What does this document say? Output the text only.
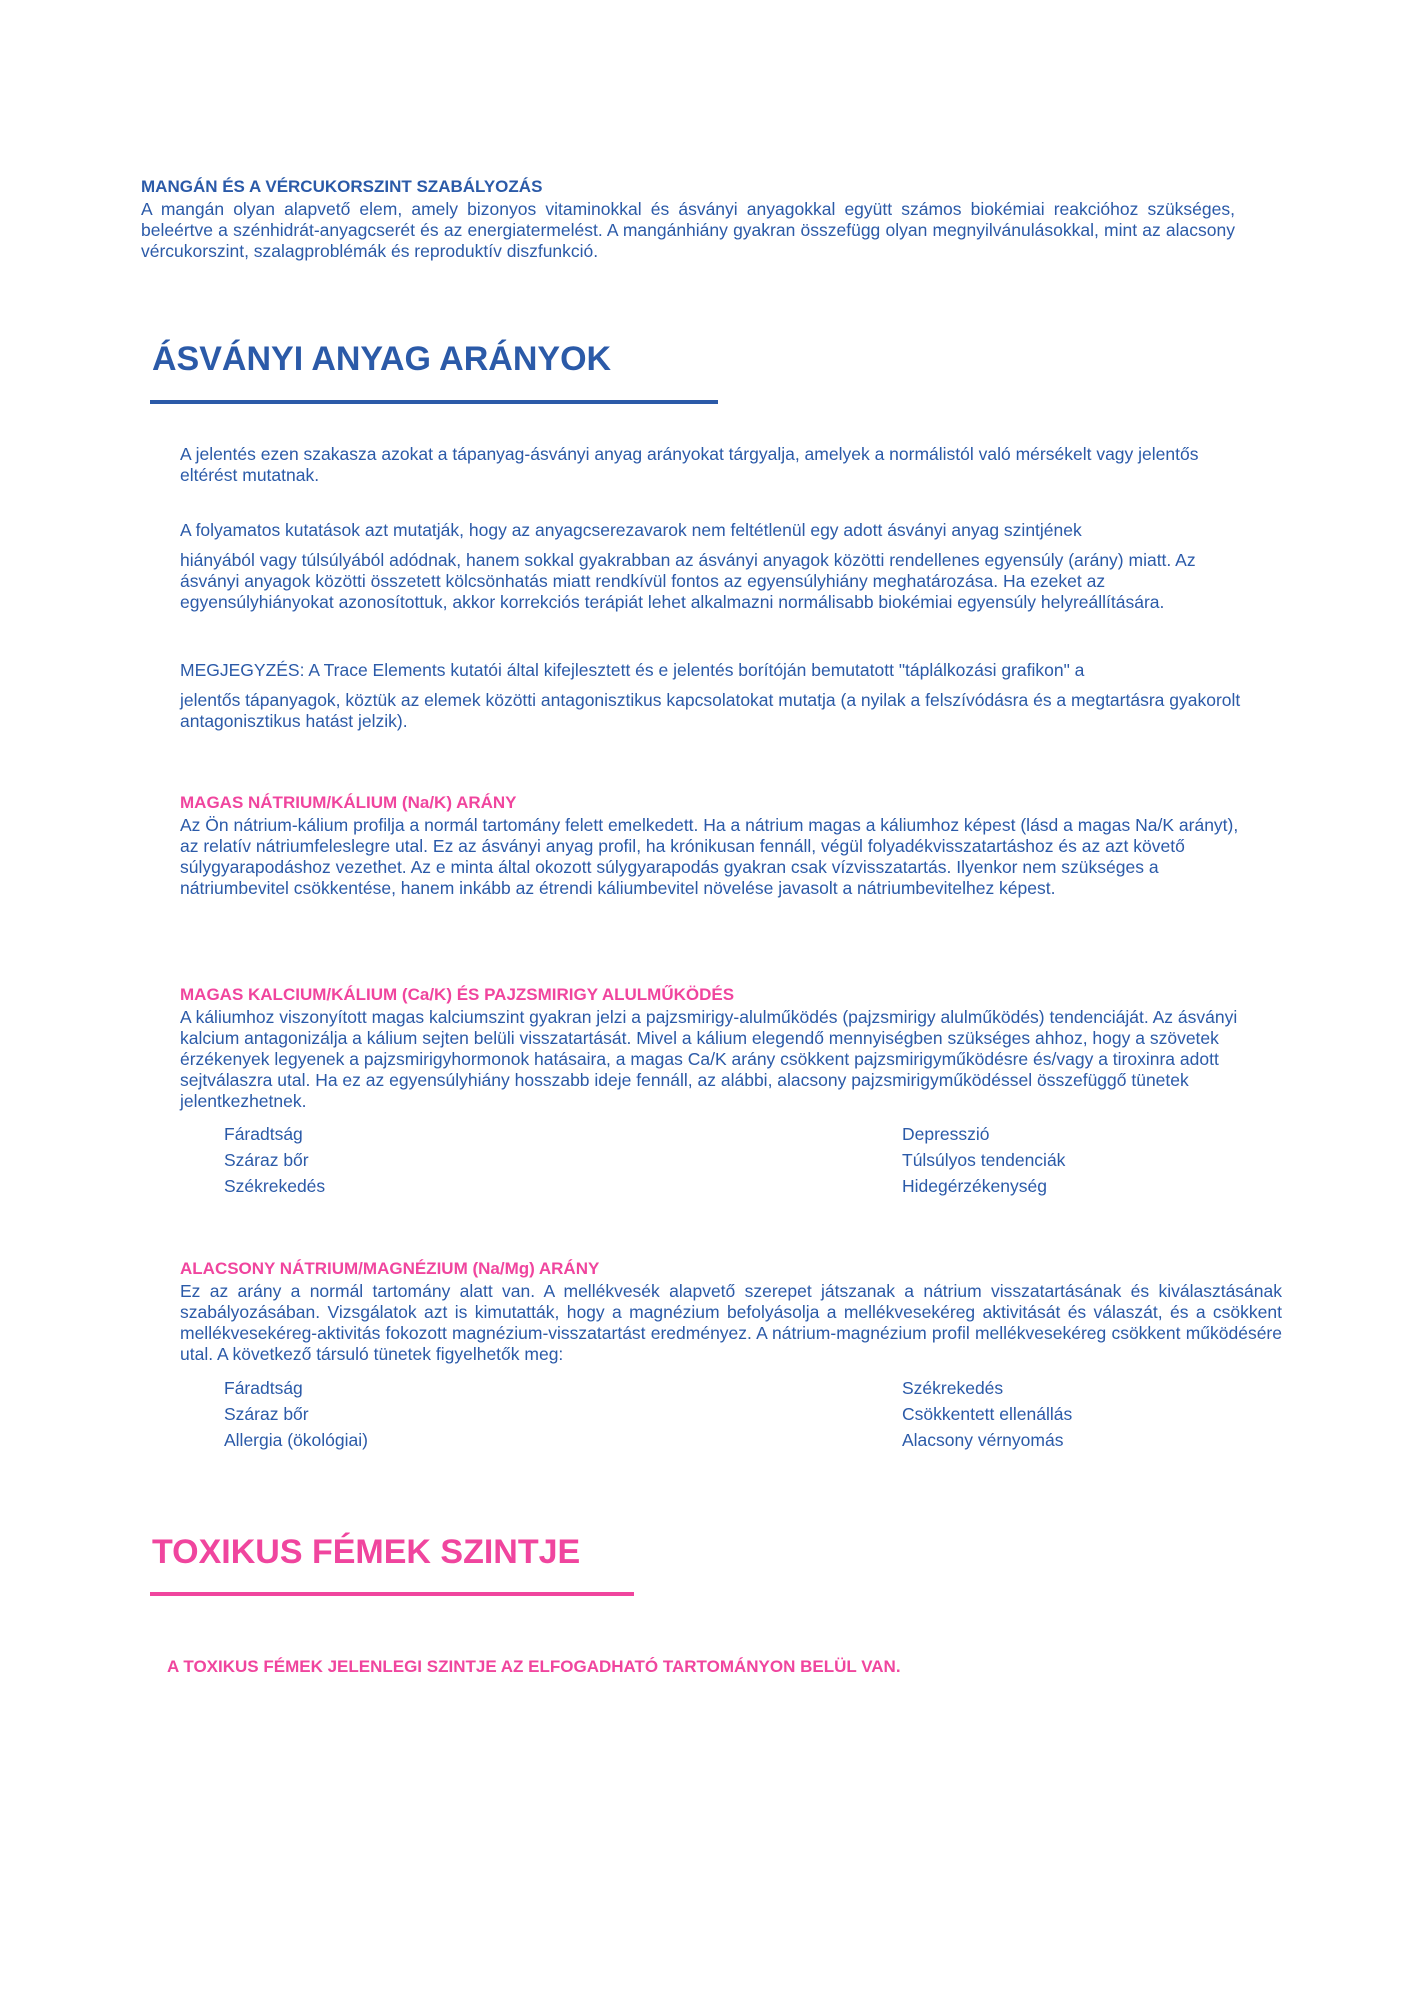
MANGÁN ÉS A VÉRCUKORSZINT SZABÁLYOZÁS

A mangán olyan alapvető elem, amely bizonyos vitaminokkal és ásványi anyagokkal együtt számos biokémiai reakcióhoz szükséges, beleértve a szénhidrát-anyagcserét és az energiatermelést. A mangánhiány gyakran összefügg olyan megnyilvánulásokkal, mint az alacsony vércukorszint, szalagproblémák és reproduktív diszfunkció.

ÁSVÁNYI ANYAG ARÁNYOK

A jelentés ezen szakasza azokat a tápanyag-ásványi anyag arányokat tárgyalja, amelyek a normálistól való mérsékelt vagy jelentős eltérést mutatnak.

A folyamatos kutatások azt mutatják, hogy az anyagcserezavarok nem feltétlenül egy adott ásványi anyag szintjének

hiányából vagy túlsúlyából adódnak, hanem sokkal gyakrabban az ásványi anyagok közötti rendellenes egyensúly (arány) miatt. Az ásványi anyagok közötti összetett kölcsönhatás miatt rendkívül fontos az egyensúlyhiány meghatározása. Ha ezeket az egyensúlyhiányokat azonosítottuk, akkor korrekciós terápiát lehet alkalmazni normálisabb biokémiai egyensúly helyreállítására.

MEGJEGYZÉS: A Trace Elements kutatói által kifejlesztett és e jelentés borítóján bemutatott "táplálkozási grafikon" a

jelentős tápanyagok, köztük az elemek közötti antagonisztikus kapcsolatokat mutatja (a nyilak a felszívódásra és a megtartásra gyakorolt antagonisztikus hatást jelzik).

MAGAS NÁTRIUM/KÁLIUM (Na/K) ARÁNY

Az Ön nátrium-kálium profilja a normál tartomány felett emelkedett. Ha a nátrium magas a káliumhoz képest (lásd a magas Na/K arányt), az relatív nátriumfeleslegre utal. Ez az ásványi anyag profil, ha krónikusan fennáll, végül folyadékvisszatartáshoz és az azt követő súlygyarapodáshoz vezethet. Az e minta által okozott súlygyarapodás gyakran csak vízvisszatartás. Ilyenkor nem szükséges a nátriumbevitel csökkentése, hanem inkább az étrendi káliumbevitel növelése javasolt a nátriumbevitelhez képest.

MAGAS KALCIUM/KÁLIUM (Ca/K) ÉS PAJZSMIRIGY ALULMŰKÖDÉS

A káliumhoz viszonyított magas kalciumszint gyakran jelzi a pajzsmirigy-alulműködés (pajzsmirigy alulműködés) tendenciáját. Az ásványi kalcium antagonizálja a kálium sejten belüli visszatartását. Mivel a kálium elegendő mennyiségben szükséges ahhoz, hogy a szövetek érzékenyek legyenek a pajzsmirigyhormonok hatásaira, a magas Ca/K arány csökkent pajzsmirigyműködésre és/vagy a tiroxinra adott sejtválaszra utal. Ha ez az egyensúlyhiány hosszabb ideje fennáll, az alábbi, alacsony pajzsmirigyműködéssel összefüggő tünetek jelentkezhetnek.

Fáradtság
Száraz bőr
Székrekedés
Depresszió
Túlsúlyos tendenciák
Hidegérzékenység
ALACSONY NÁTRIUM/MAGNÉZIUM (Na/Mg) ARÁNY

Ez az arány a normál tartomány alatt van. A mellékvesék alapvető szerepet játszanak a nátrium visszatartásának és kiválasztásának szabályozásában. Vizsgálatok azt is kimutatták, hogy a magnézium befolyásolja a mellékvesekéreg aktivitását és válaszát, és a csökkent mellékvesekéreg-aktivitás fokozott magnézium-visszatartást eredményez. A nátrium-magnézium profil mellékvesekéreg csökkent működésére utal. A következő társuló tünetek figyelhetők meg:

Fáradtság
Száraz bőr
Allergia (ökológiai)
Székrekedés
Csökkentett ellenállás
Alacsony vérnyomás
TOXIKUS FÉMEK SZINTJE
A TOXIKUS FÉMEK JELENLEGI SZINTJE AZ ELFOGADHATÓ TARTOMÁNYON BELÜL VAN.
